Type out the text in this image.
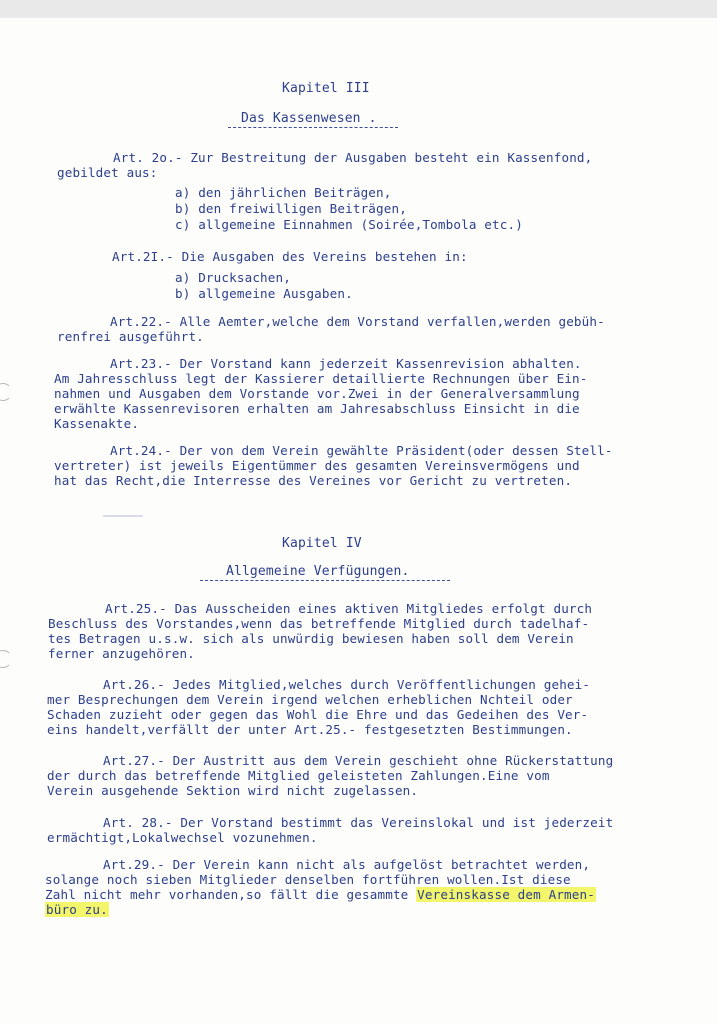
Kapitel III
Das Kassenwesen .
Art. 2o.- Zur Bestreitung der Ausgaben besteht ein Kassenfond,
gebildet aus:
a) den jährlichen Beiträgen,
b) den freiwilligen Beiträgen,
c) allgemeine Einnahmen (Soirée,Tombola etc.)
Art.2I.- Die Ausgaben des Vereins bestehen in:
a) Drucksachen,
b) allgemeine Ausgaben.
Art.22.- Alle Aemter,welche dem Vorstand verfallen,werden gebüh-
renfrei ausgeführt.
Art.23.- Der Vorstand kann jederzeit Kassenrevision abhalten.
Am Jahresschluss legt der Kassierer detaillierte Rechnungen über Ein-
nahmen und Ausgaben dem Vorstande vor.Zwei in der Generalversammlung
erwählte Kassenrevisoren erhalten am Jahresabschluss Einsicht in die
Kassenakte.
Art.24.- Der von dem Verein gewählte Präsident(oder dessen Stell-
vertreter) ist jeweils Eigentümmer des gesamten Vereinsvermögens und
hat das Recht,die Interresse des Vereines vor Gericht zu vertreten.
Kapitel IV
Allgemeine Verfügungen.
Art.25.- Das Ausscheiden eines aktiven Mitgliedes erfolgt durch
Beschluss des Vorstandes,wenn das betreffende Mitglied durch tadelhaf-
tes Betragen u.s.w. sich als unwürdig bewiesen haben soll dem Verein
ferner anzugehören.
Art.26.- Jedes Mitglied,welches durch Veröffentlichungen gehei-
mer Besprechungen dem Verein irgend welchen erheblichen Nchteil oder
Schaden zuzieht oder gegen das Wohl die Ehre und das Gedeihen des Ver-
eins handelt,verfällt der unter Art.25.- festgesetzten Bestimmungen.
Art.27.- Der Austritt aus dem Verein geschieht ohne Rückerstattung
der durch das betreffende Mitglied geleisteten Zahlungen.Eine vom
Verein ausgehende Sektion wird nicht zugelassen.
Art. 28.- Der Vorstand bestimmt das Vereinslokal und ist jederzeit
ermächtigt,Lokalwechsel vozunehmen.
Art.29.- Der Verein kann nicht als aufgelöst betrachtet werden,
solange noch sieben Mitglieder denselben fortführen wollen.Ist diese
Zahl nicht mehr vorhanden,so fällt die gesammte Vereinskasse dem Armen-
büro zu.
